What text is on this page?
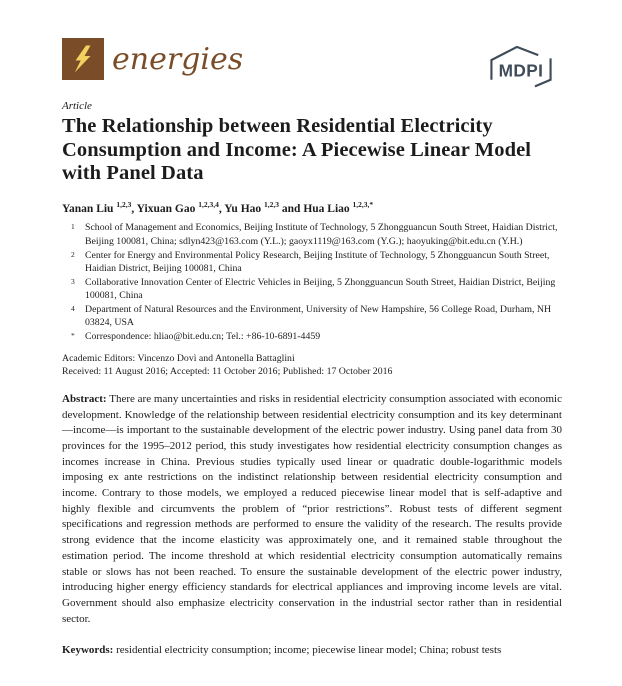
energies	MDPI
Article
The Relationship between Residential Electricity Consumption and Income: A Piecewise Linear Model with Panel Data
Yanan Liu $^{1,2,3}$, Yixuan Gao $^{1,2,3,4}$, Yu Hao $^{1,2,3}$ and Hua Liao $^{1,2,3,*}$
1	School of Management and Economics, Beijing Institute of Technology, 5 Zhongguancun South Street, Haidian District, Beijing 100081, China; sdlyn423@163.com (Y.L.); gaoyx1119@163.com (Y.G.); haoyuking@bit.edu.cn (Y.H.)
2	Center for Energy and Environmental Policy Research, Beijing Institute of Technology, 5 Zhongguancun South Street, Haidian District, Beijing 100081, China
3	Collaborative Innovation Center of Electric Vehicles in Beijing, 5 Zhongguancun South Street, Haidian District, Beijing 100081, China
4	Department of Natural Resources and the Environment, University of New Hampshire, 56 College Road, Durham, NH 03824, USA
*	Correspondence: hliao@bit.edu.cn; Tel.: +86-10-6891-4459
Academic Editors: Vincenzo Dovì and Antonella Battaglini
Received: 11 August 2016; Accepted: 11 October 2016; Published: 17 October 2016
Abstract: There are many uncertainties and risks in residential electricity consumption associated with economic development. Knowledge of the relationship between residential electricity consumption and its key determinant—income—is important to the sustainable development of the electric power industry. Using panel data from 30 provinces for the 1995–2012 period, this study investigates how residential electricity consumption changes as incomes increase in China. Previous studies typically used linear or quadratic double-logarithmic models imposing ex ante restrictions on the indistinct relationship between residential electricity consumption and income. Contrary to those models, we employed a reduced piecewise linear model that is self-adaptive and highly flexible and circumvents the problem of “prior restrictions”. Robust tests of different segment specifications and regression methods are performed to ensure the validity of the research. The results provide strong evidence that the income elasticity was approximately one, and it remained stable throughout the estimation period. The income threshold at which residential electricity consumption automatically remains stable or slows has not been reached. To ensure the sustainable development of the electric power industry, introducing higher energy efficiency standards for electrical appliances and improving income levels are vital. Government should also emphasize electricity conservation in the industrial sector rather than in residential sector.
Keywords: residential electricity consumption; income; piecewise linear model; China; robust tests
